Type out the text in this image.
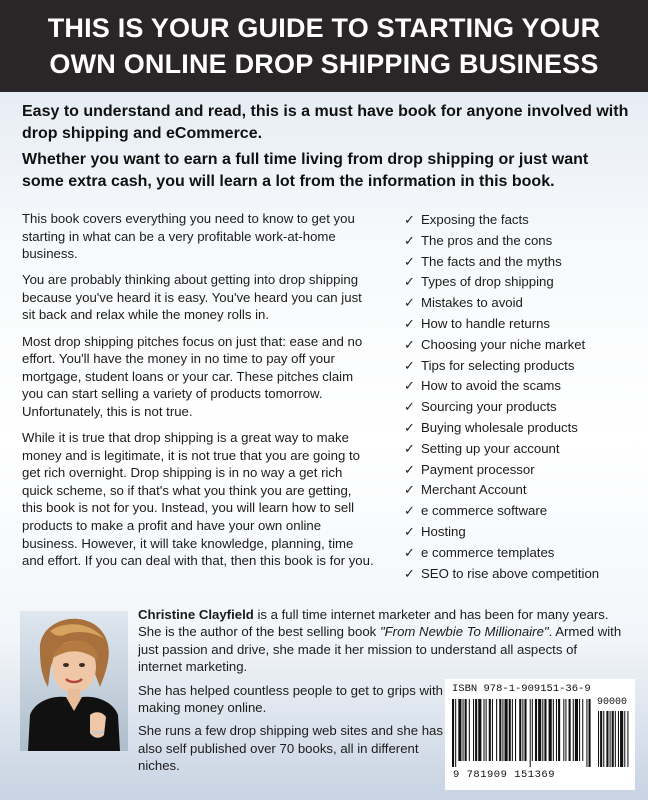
THIS IS YOUR GUIDE TO STARTING YOUR
OWN ONLINE DROP SHIPPING BUSINESS

Easy to understand and read, this is a must have book for anyone involved with drop shipping and eCommerce.

Whether you want to earn a full time living from drop shipping or just want some extra cash, you will learn a lot from the information in this book.

This book covers everything you need to know to get you starting in what can be a very profitable work-at-home business.

You are probably thinking about getting into drop shipping because you've heard it is easy. You've heard you can just sit back and relax while the money rolls in.

Most drop shipping pitches focus on just that: ease and no effort. You'll have the money in no time to pay off your mortgage, student loans or your car. These pitches claim you can start selling a variety of products tomorrow. Unfortunately, this is not true.

While it is true that drop shipping is a great way to make money and is legitimate, it is not true that you are going to get rich overnight. Drop shipping is in no way a get rich quick scheme, so if that's what you think you are getting, this book is not for you. Instead, you will learn how to sell products to make a profit and have your own online business. However, it will take knowledge, planning, time and effort. If you can deal with that, then this book is for you.

✓ Exposing the facts
✓ The pros and the cons
✓ The facts and the myths
✓ Types of drop shipping
✓ Mistakes to avoid
✓ How to handle returns
✓ Choosing your niche market
✓ Tips for selecting products
✓ How to avoid the scams
✓ Sourcing your products
✓ Buying wholesale products
✓ Setting up your account
✓ Payment processor
✓ Merchant Account
✓ e commerce software
✓ Hosting
✓ e commerce templates
✓ SEO to rise above competition

Christine Clayfield is a full time internet marketer and has been for many years. She is the author of the best selling book "From Newbie To Millionaire". Armed with just passion and drive, she made it her mission to understand all aspects of internet marketing.

She has helped countless people to get to grips with making money online.

She runs a few drop shipping web sites and she has also self published over 70 books, all in different niches.

ISBN 978-1-909151-36-9
90000
9 781909 151369
